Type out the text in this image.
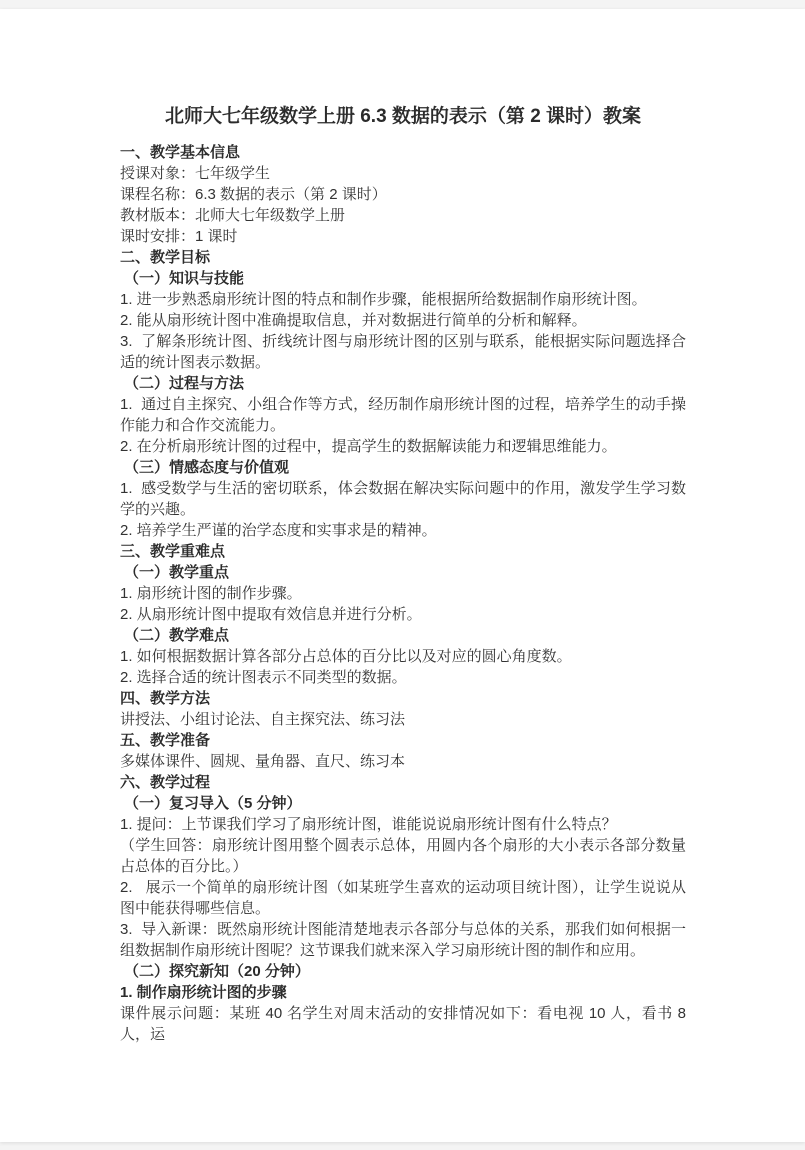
北师大七年级数学上册 6.3 数据的表示（第 2 课时）教案

一、教学基本信息

授课对象：七年级学生

课程名称：6.3 数据的表示（第 2 课时）

教材版本：北师大七年级数学上册

课时安排：1 课时

二、教学目标

（一）知识与技能

1. 进一步熟悉扇形统计图的特点和制作步骤，能根据所给数据制作扇形统计图。

2. 能从扇形统计图中准确提取信息，并对数据进行简单的分析和解释。

3.  了解条形统计图、折线统计图与扇形统计图的区别与联系，能根据实际问题选择合适的统计图表示数据。

（二）过程与方法

1.  通过自主探究、小组合作等方式，经历制作扇形统计图的过程，培养学生的动手操作能力和合作交流能力。

2. 在分析扇形统计图的过程中，提高学生的数据解读能力和逻辑思维能力。

（三）情感态度与价值观

1.  感受数学与生活的密切联系，体会数据在解决实际问题中的作用，激发学生学习数学的兴趣。

2. 培养学生严谨的治学态度和实事求是的精神。

三、教学重难点

（一）教学重点

1. 扇形统计图的制作步骤。

2. 从扇形统计图中提取有效信息并进行分析。

（二）教学难点

1. 如何根据数据计算各部分占总体的百分比以及对应的圆心角度数。

2. 选择合适的统计图表示不同类型的数据。

四、教学方法

讲授法、小组讨论法、自主探究法、练习法

五、教学准备

多媒体课件、圆规、量角器、直尺、练习本

六、教学过程

（一）复习导入（5 分钟）

1. 提问：上节课我们学习了扇形统计图，谁能说说扇形统计图有什么特点？

（学生回答：扇形统计图用整个圆表示总体，用圆内各个扇形的大小表示各部分数量占总体的百分比。）

2.   展示一个简单的扇形统计图（如某班学生喜欢的运动项目统计图），让学生说说从图中能获得哪些信息。

3.  导入新课：既然扇形统计图能清楚地表示各部分与总体的关系，那我们如何根据一组数据制作扇形统计图呢？这节课我们就来深入学习扇形统计图的制作和应用。

（二）探究新知（20 分钟）

1. 制作扇形统计图的步骤

课件展示问题：某班 40 名学生对周末活动的安排情况如下：看电视 10 人，看书 8 人，运
